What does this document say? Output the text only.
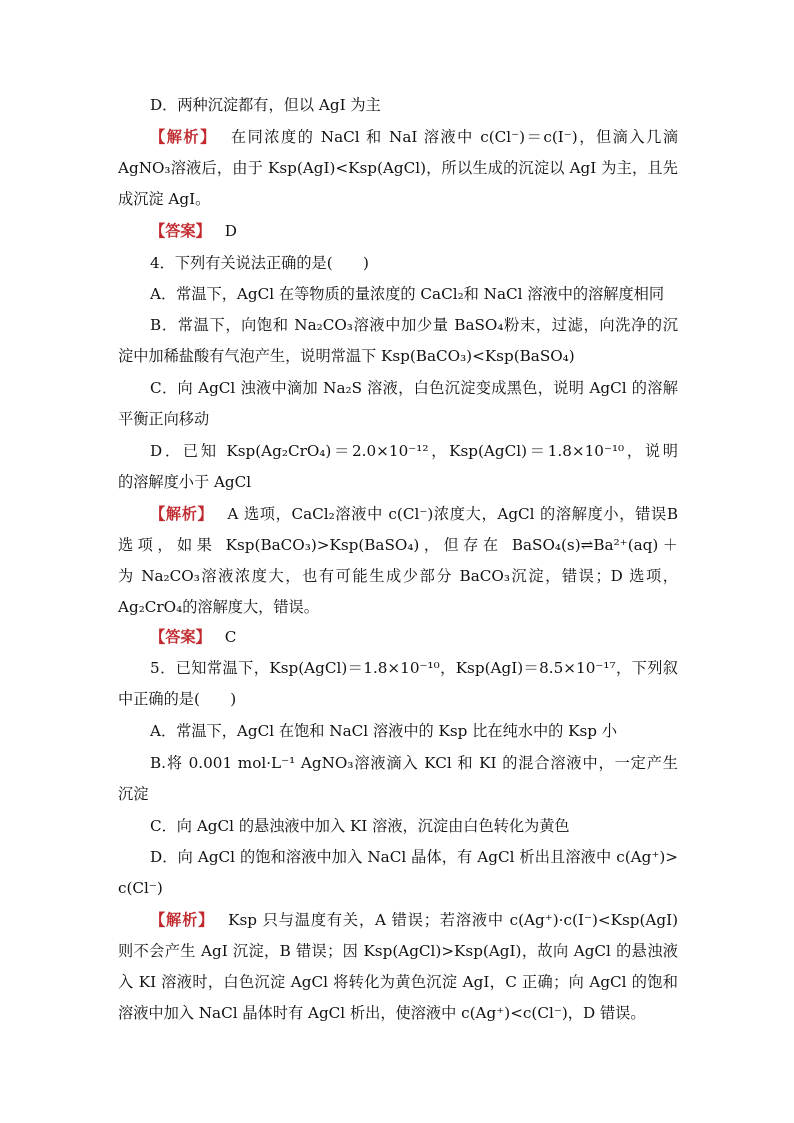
D．两种沉淀都有，但以 AgI 为主
【解析】 在同浓度的 NaCl 和 NaI 溶液中 c(Cl⁻)＝c(I⁻)，但滴入几滴
AgNO₃溶液后，由于 Ksp(AgI)<Ksp(AgCl)，所以生成的沉淀以 AgI 为主，且先
成沉淀 AgI。
【答案】 D
4．下列有关说法正确的是(　　)
A．常温下，AgCl 在等物质的量浓度的 CaCl₂和 NaCl 溶液中的溶解度相同
B．常温下，向饱和 Na₂CO₃溶液中加少量 BaSO₄粉末，过滤，向洗净的沉
淀中加稀盐酸有气泡产生，说明常温下 Ksp(BaCO₃)<Ksp(BaSO₄)
C．向 AgCl 浊液中滴加 Na₂S 溶液，白色沉淀变成黑色，说明 AgCl 的溶解
平衡正向移动
D．已知 Ksp(Ag₂CrO₄)＝2.0×10⁻¹²，Ksp(AgCl)＝1.8×10⁻¹⁰，说明
的溶解度小于 AgCl
【解析】 A 选项，CaCl₂溶液中 c(Cl⁻)浓度大，AgCl 的溶解度小，错误B
选项，如果 Ksp(BaCO₃)>Ksp(BaSO₄)，但存在 BaSO₄(s)⇌Ba²⁺(aq)＋
为 Na₂CO₃溶液浓度大，也有可能生成少部分 BaCO₃沉淀，错误；D 选项，
Ag₂CrO₄的溶解度大，错误。
【答案】 C
5．已知常温下，Ksp(AgCl)＝1.8×10⁻¹⁰，Ksp(AgI)＝8.5×10⁻¹⁷，下列叙
中正确的是(　　)
A．常温下，AgCl 在饱和 NaCl 溶液中的 Ksp 比在纯水中的 Ksp 小
B.将 0.001 mol·L⁻¹ AgNO₃溶液滴入 KCl 和 KI 的混合溶液中，一定产生
沉淀
C．向 AgCl 的悬浊液中加入 KI 溶液，沉淀由白色转化为黄色
D．向 AgCl 的饱和溶液中加入 NaCl 晶体，有 AgCl 析出且溶液中 c(Ag⁺)>
c(Cl⁻)
【解析】 Ksp 只与温度有关，A 错误；若溶液中 c(Ag⁺)·c(I⁻)<Ksp(AgI)
则不会产生 AgI 沉淀，B 错误；因 Ksp(AgCl)>Ksp(AgI)，故向 AgCl 的悬浊液
入 KI 溶液时，白色沉淀 AgCl 将转化为黄色沉淀 AgI，C 正确；向 AgCl 的饱和
溶液中加入 NaCl 晶体时有 AgCl 析出，使溶液中 c(Ag⁺)<c(Cl⁻)，D 错误。
